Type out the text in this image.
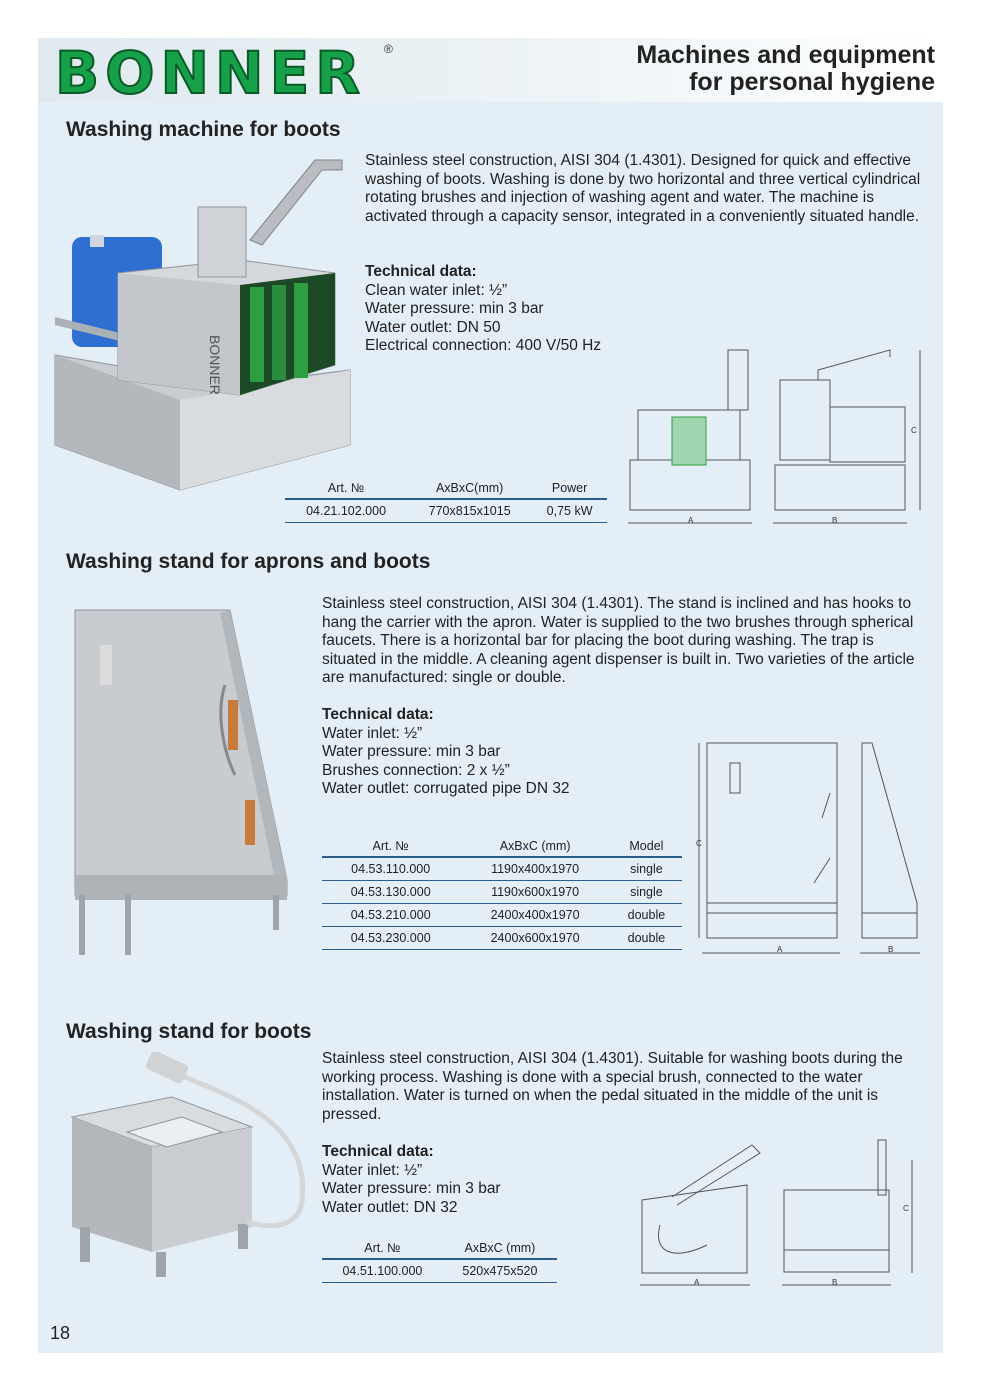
BONNER ®	Machines and equipment
for personal hygiene
Washing machine for boots
BONNER
Stainless steel construction, AISI 304 (1.4301). Designed for quick and effective washing of boots. Washing is done by two horizontal and three vertical cylindrical rotating brushes and injection of washing agent and water. The machine is activated through a capacity sensor, integrated in a conveniently situated handle.
Technical data:
Clean water inlet: ½”
Water pressure: min 3 bar
Water outlet: DN 50
Electrical connection: 400 V/50 Hz
Art. №	AxBxC(mm)	Power
04.21.102.000	770x815x1015	0,75 kW
A	B
C
Washing stand for aprons and boots
Stainless steel construction, AISI 304 (1.4301). The stand is inclined and has hooks to hang the carrier with the apron. Water is supplied to the two brushes through spherical faucets. There is a horizontal bar for placing the boot during washing. The trap is situated in the middle. A cleaning agent dispenser is built in. Two varieties of the article are manufactured: single or double.
Technical data:
Water inlet: ½”
Water pressure: min 3 bar
Brushes connection: 2 x ½”
Water outlet: corrugated pipe DN 32
Art. №	AxBxC (mm)	Model
04.53.110.000	1190x400x1970	single
04.53.130.000	1190x600x1970	single
04.53.210.000	2400x400x1970	double
04.53.230.000	2400x600x1970	double
A
C
B
Washing stand for boots
Stainless steel construction, AISI 304 (1.4301). Suitable for washing boots during the working process. Washing is done with a special brush, connected to the water installation. Water is turned on when the pedal situated in the middle of the unit is pressed.
Technical data:
Water inlet: ½”
Water pressure: min 3 bar
Water outlet: DN 32
Art. №	AxBxC (mm)
04.51.100.000	520x475x520
A	B
C
18
